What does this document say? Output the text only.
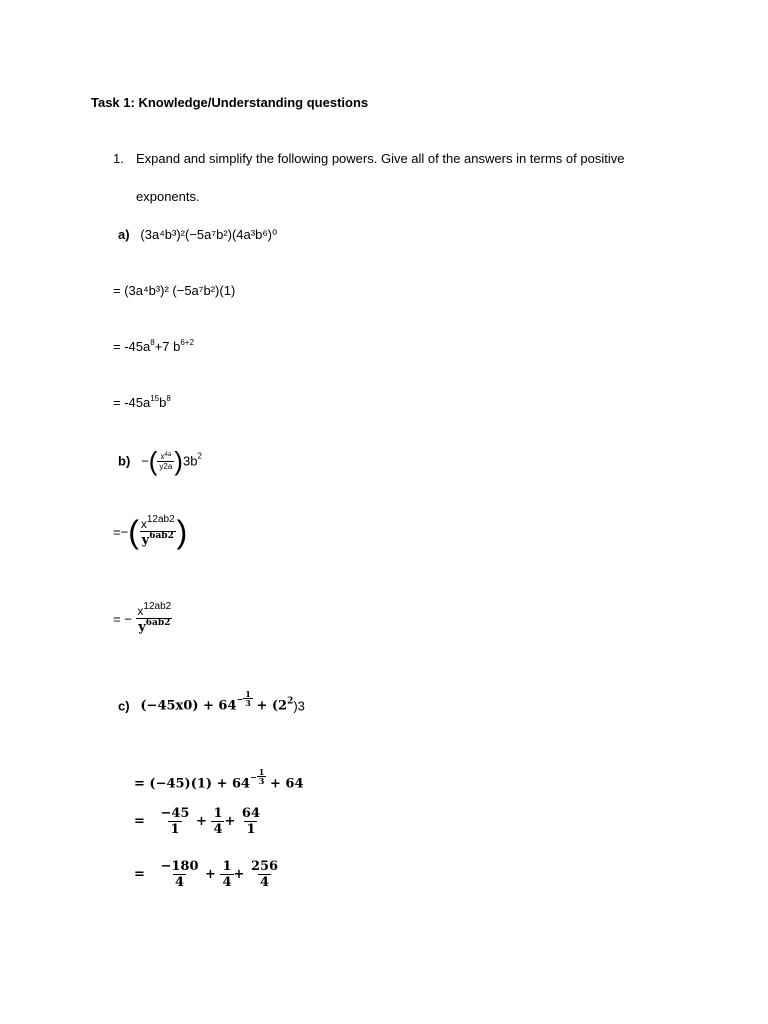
Task 1: Knowledge/Understanding questions
1. Expand and simplify the following powers. Give all of the answers in terms of positive
exponents.
a) (3a⁴b³)²(−5a⁷b²)(4a³b⁶)⁰
= (3a⁴b³)² (−5a⁷b²)(1)
= $-45a^8+7$ $b^{6+2}$
= $-45a^{15}b^8$
b) −( $\frac{x^{4a}}{y2a} )3b^2$
=−( $\frac{x^{12ab2}}{y^{6ab2}}$ )
= − $\frac{x^{12ab2}}{y^{6ab2}}$
c) (−45x0) + 64
− $\frac{1}{3} + (2^2)3$
= (−45)(1) + 64
− $\frac{1}{3} + 64$
= $\frac{-45}{1} + \frac{1}{4} + \frac{64}{1}$
= $\frac{-180}{4} + \frac{1}{4} + \frac{256}{4}$
